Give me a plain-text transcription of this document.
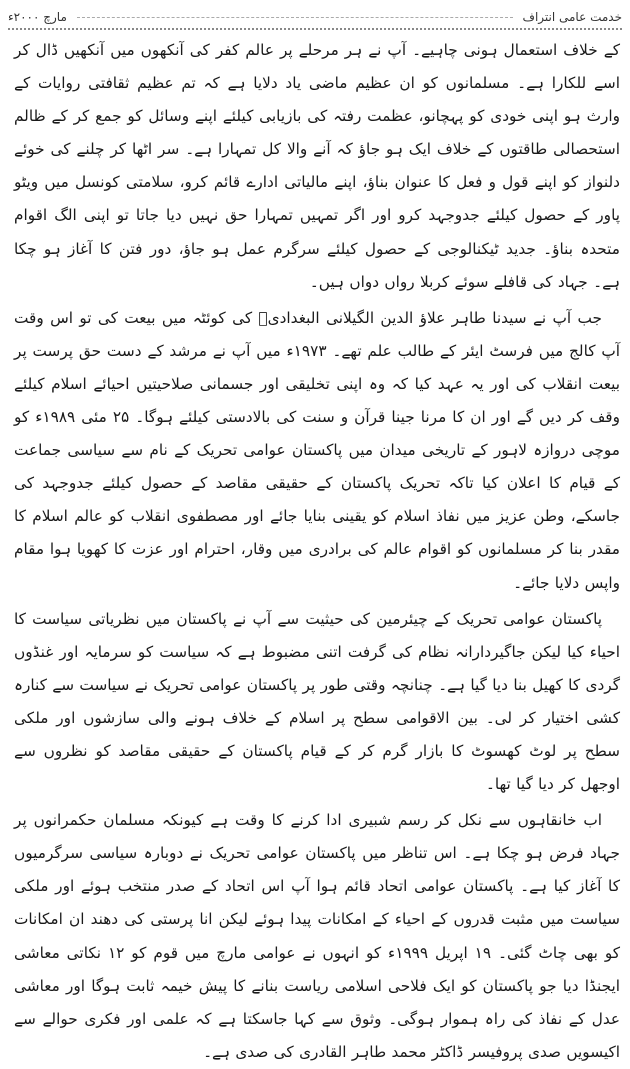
مارچ ٢٠٠٠ء	خدمت عامی انتراف

کے خلاف استعمال ہونی چاہیے۔ آپ نے ہر مرحلے پر عالم کفر کی آنکھوں میں آنکھیں ڈال کر اسے للکارا ہے۔ مسلمانوں کو ان عظیم ماضی یاد دلایا ہے کہ تم عظیم ثقافتی روایات کے وارث ہو اپنی خودی کو پہچانو، عظمت رفتہ کی بازیابی کیلئے اپنے وسائل کو جمع کر کے ظالم استحصالی طاقتوں کے خلاف ایک ہو جاؤ کہ آنے والا کل تمہارا ہے۔ سر اٹھا کر چلنے کی خوئے دلنواز کو اپنے قول و فعل کا عنوان بناؤ، اپنے مالیاتی ادارے قائم کرو، سلامتی کونسل میں ویٹو پاور کے حصول کیلئے جدوجہد کرو اور اگر تمہیں تمہارا حق نہیں دیا جاتا تو اپنی الگ اقوام متحدہ بناؤ۔ جدید ٹیکنالوجی کے حصول کیلئے سرگرم عمل ہو جاؤ، دور فتن کا آغاز ہو چکا ہے۔ جہاد کی قافلے سوئے کربلا رواں دواں ہیں۔

جب آپ نے سیدنا طاہر علاؤ الدین الگیلانی البغدادیؒ کی کوئٹہ میں بیعت کی تو اس وقت آپ کالج میں فرسٹ ایئر کے طالب علم تھے۔ ۱۹۷۳ء میں آپ نے مرشد کے دست حق پرست پر بیعت انقلاب کی اور یہ عہد کیا کہ وہ اپنی تخلیقی اور جسمانی صلاحیتیں احیائے اسلام کیلئے وقف کر دیں گے اور ان کا مرنا جینا قرآن و سنت کی بالادستی کیلئے ہوگا۔ ۲۵ مئی ۱۹۸۹ء کو موچی دروازہ لاہور کے تاریخی میدان میں پاکستان عوامی تحریک کے نام سے سیاسی جماعت کے قیام کا اعلان کیا تاکہ تحریک پاکستان کے حقیقی مقاصد کے حصول کیلئے جدوجہد کی جاسکے، وطن عزیز میں نفاذ اسلام کو یقینی بنایا جائے اور مصطفوی انقلاب کو عالم اسلام کا مقدر بنا کر مسلمانوں کو اقوام عالم کی برادری میں وقار، احترام اور عزت کا کھویا ہوا مقام واپس دلایا جائے۔

پاکستان عوامی تحریک کے چیئرمین کی حیثیت سے آپ نے پاکستان میں نظریاتی سیاست کا احیاء کیا لیکن جاگیردارانہ نظام کی گرفت اتنی مضبوط ہے کہ سیاست کو سرمایہ اور غنڈوں گردی کا کھیل بنا دیا گیا ہے۔ چنانچہ وقتی طور پر پاکستان عوامی تحریک نے سیاست سے کنارہ کشی اختیار کر لی۔ بین الاقوامی سطح پر اسلام کے خلاف ہونے والی سازشوں اور ملکی سطح پر لوٹ کھسوٹ کا بازار گرم کر کے قیام پاکستان کے حقیقی مقاصد کو نظروں سے اوجھل کر دیا گیا تھا۔

اب خانقاہوں سے نکل کر رسم شبیری ادا کرنے کا وقت ہے کیونکہ مسلمان حکمرانوں پر جہاد فرض ہو چکا ہے۔ اس تناظر میں پاکستان عوامی تحریک نے دوبارہ سیاسی سرگرمیوں کا آغاز کیا ہے۔ پاکستان عوامی اتحاد قائم ہوا آپ اس اتحاد کے صدر منتخب ہوئے اور ملکی سیاست میں مثبت قدروں کے احیاء کے امکانات پیدا ہوئے لیکن انا پرستی کی دھند ان امکانات کو بھی چاٹ گئی۔ ۱۹ اپریل ۱۹۹۹ء کو انہوں نے عوامی مارچ میں قوم کو ۱۲ نکاتی معاشی ایجنڈا دیا جو پاکستان کو ایک فلاحی اسلامی ریاست بنانے کا پیش خیمہ ثابت ہوگا اور معاشی عدل کے نفاذ کی راہ ہموار ہوگی۔ وثوق سے کہا جاسکتا ہے کہ علمی اور فکری حوالے سے اکیسویں صدی پروفیسر ڈاکٹر محمد طاہر القادری کی صدی ہے۔
